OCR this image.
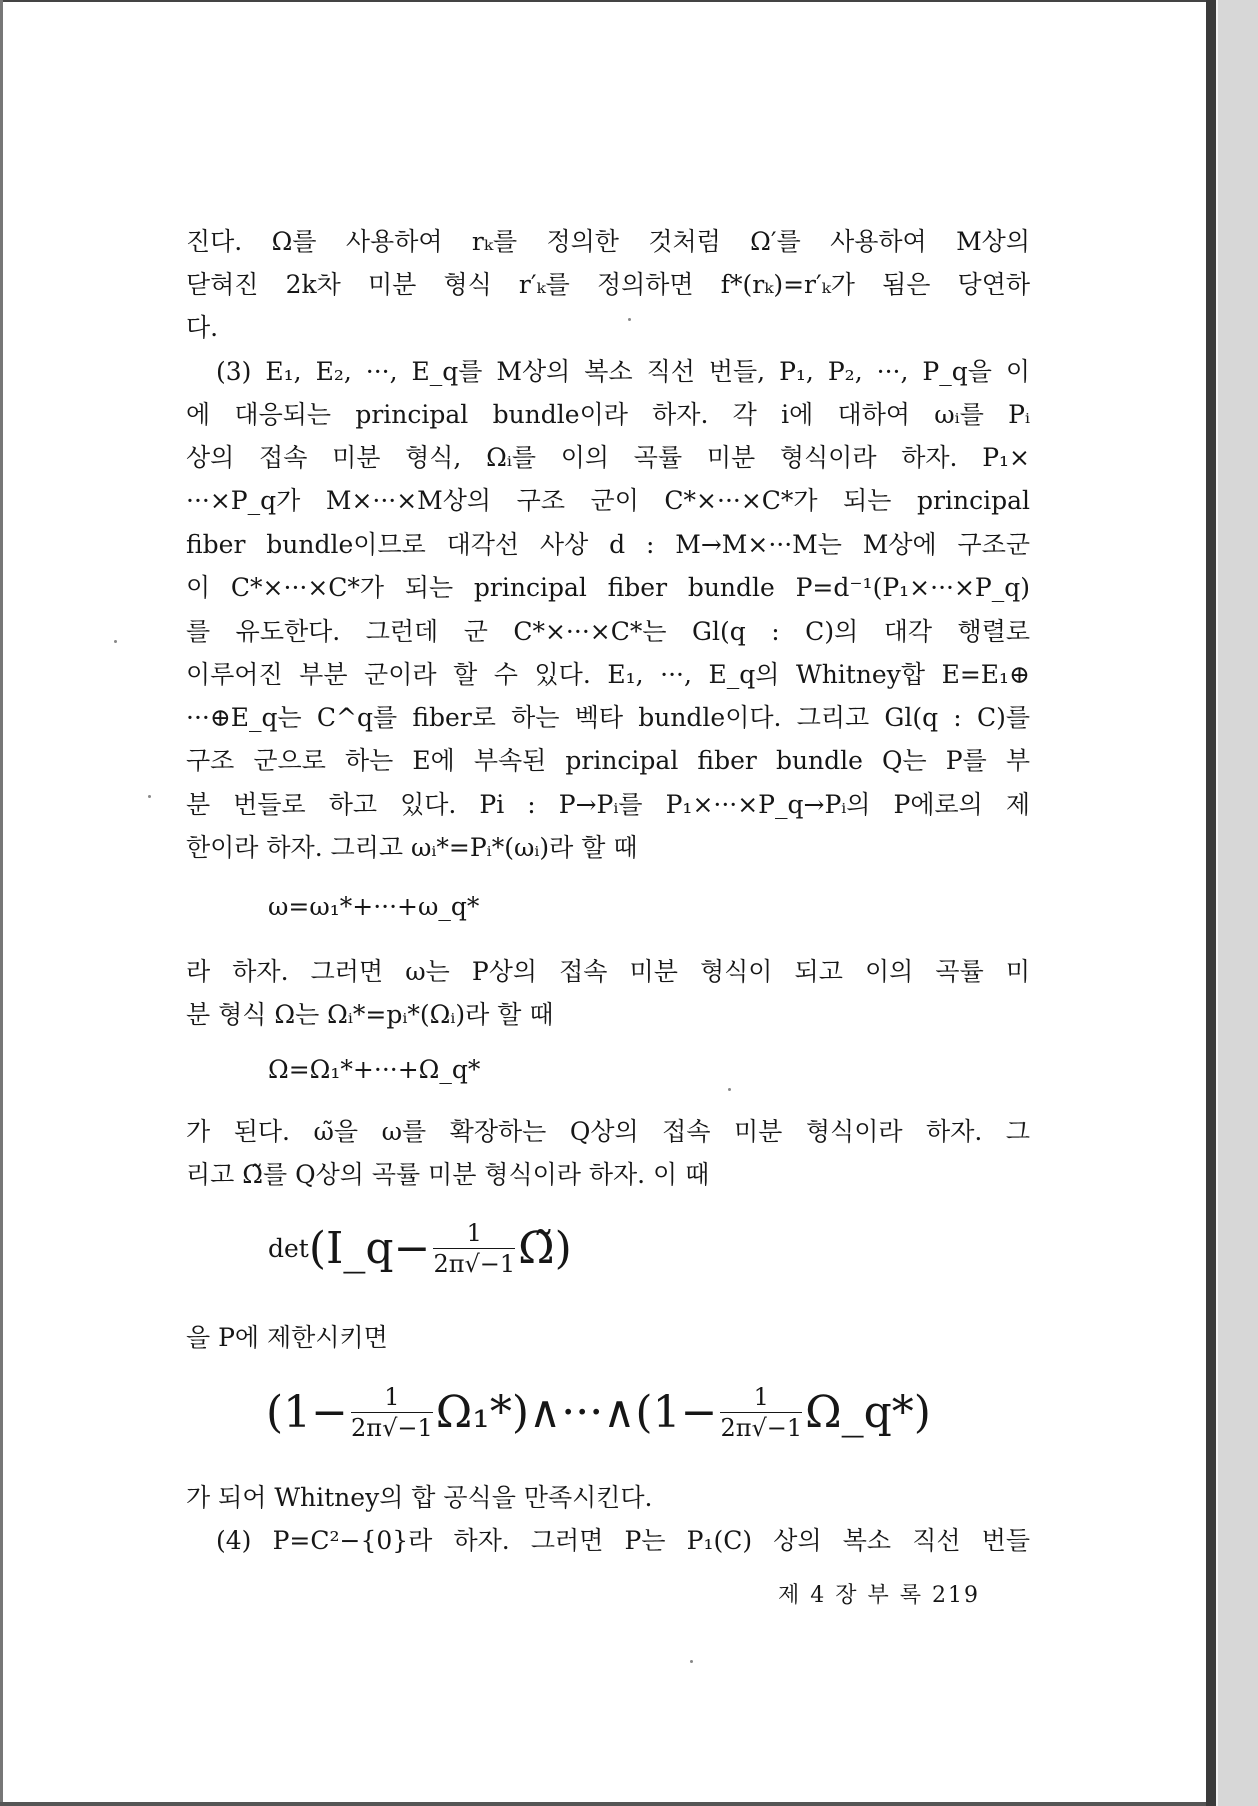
진다. Ω를 사용하여 rₖ를 정의한 것처럼 Ω′를 사용하여 M상의
닫혀진 2k차 미분 형식 r′ₖ를 정의하면 f*(rₖ)=r′ₖ가 됨은 당연하
다.
(3) E₁, E₂, ···, E_q를 M상의 복소 직선 번들, P₁, P₂, ···, P_q을 이
에 대응되는 principal bundle이라 하자. 각 i에 대하여 ωᵢ를 Pᵢ
상의 접속 미분 형식, Ωᵢ를 이의 곡률 미분 형식이라 하자. P₁×
···×P_q가 M×···×M상의 구조 군이 C*×···×C*가 되는 principal
fiber bundle이므로 대각선 사상 d : M→M×···M는 M상에 구조군
이 C*×···×C*가 되는 principal fiber bundle P=d⁻¹(P₁×···×P_q)
를 유도한다. 그런데 군 C*×···×C*는 Gl(q : C)의 대각 행렬로
이루어진 부분 군이라 할 수 있다. E₁, ···, E_q의 Whitney합 E=E₁⊕
···⊕E_q는 C^q를 fiber로 하는 벡타 bundle이다. 그리고 Gl(q : C)를
구조 군으로 하는 E에 부속된 principal fiber bundle Q는 P를 부
분 번들로 하고 있다. Pi : P→Pᵢ를 P₁×···×P_q→Pᵢ의 P에로의 제
한이라 하자. 그리고 ωᵢ*=Pᵢ*(ωᵢ)라 할 때
ω=ω₁*+···+ω_q*
라 하자. 그러면 ω는 P상의 접속 미분 형식이 되고 이의 곡률 미
분 형식 Ω는 Ωᵢ*=pᵢ*(Ωᵢ)라 할 때
Ω=Ω₁*+···+Ω_q*
가 된다. ω̃을 ω를 확장하는 Q상의 접속 미분 형식이라 하자. 그
리고 Ω̃를 Q상의 곡률 미분 형식이라 하자. 이 때
det(I_q− $\frac{1}{2\pi√-1}$ Ω̃)
을 P에 제한시키면
($1- \frac{1}{2\pi√-1}$ Ω₁*)∧···∧(1− $\frac{1}{2\pi√-1}$ Ω_q*)
가 되어 Whitney의 합 공식을 만족시킨다.
(4) P=C²−{0}라 하자. 그러면 P는 P₁(C) 상의 복소 직선 번들
제 4 장 부 록 219
